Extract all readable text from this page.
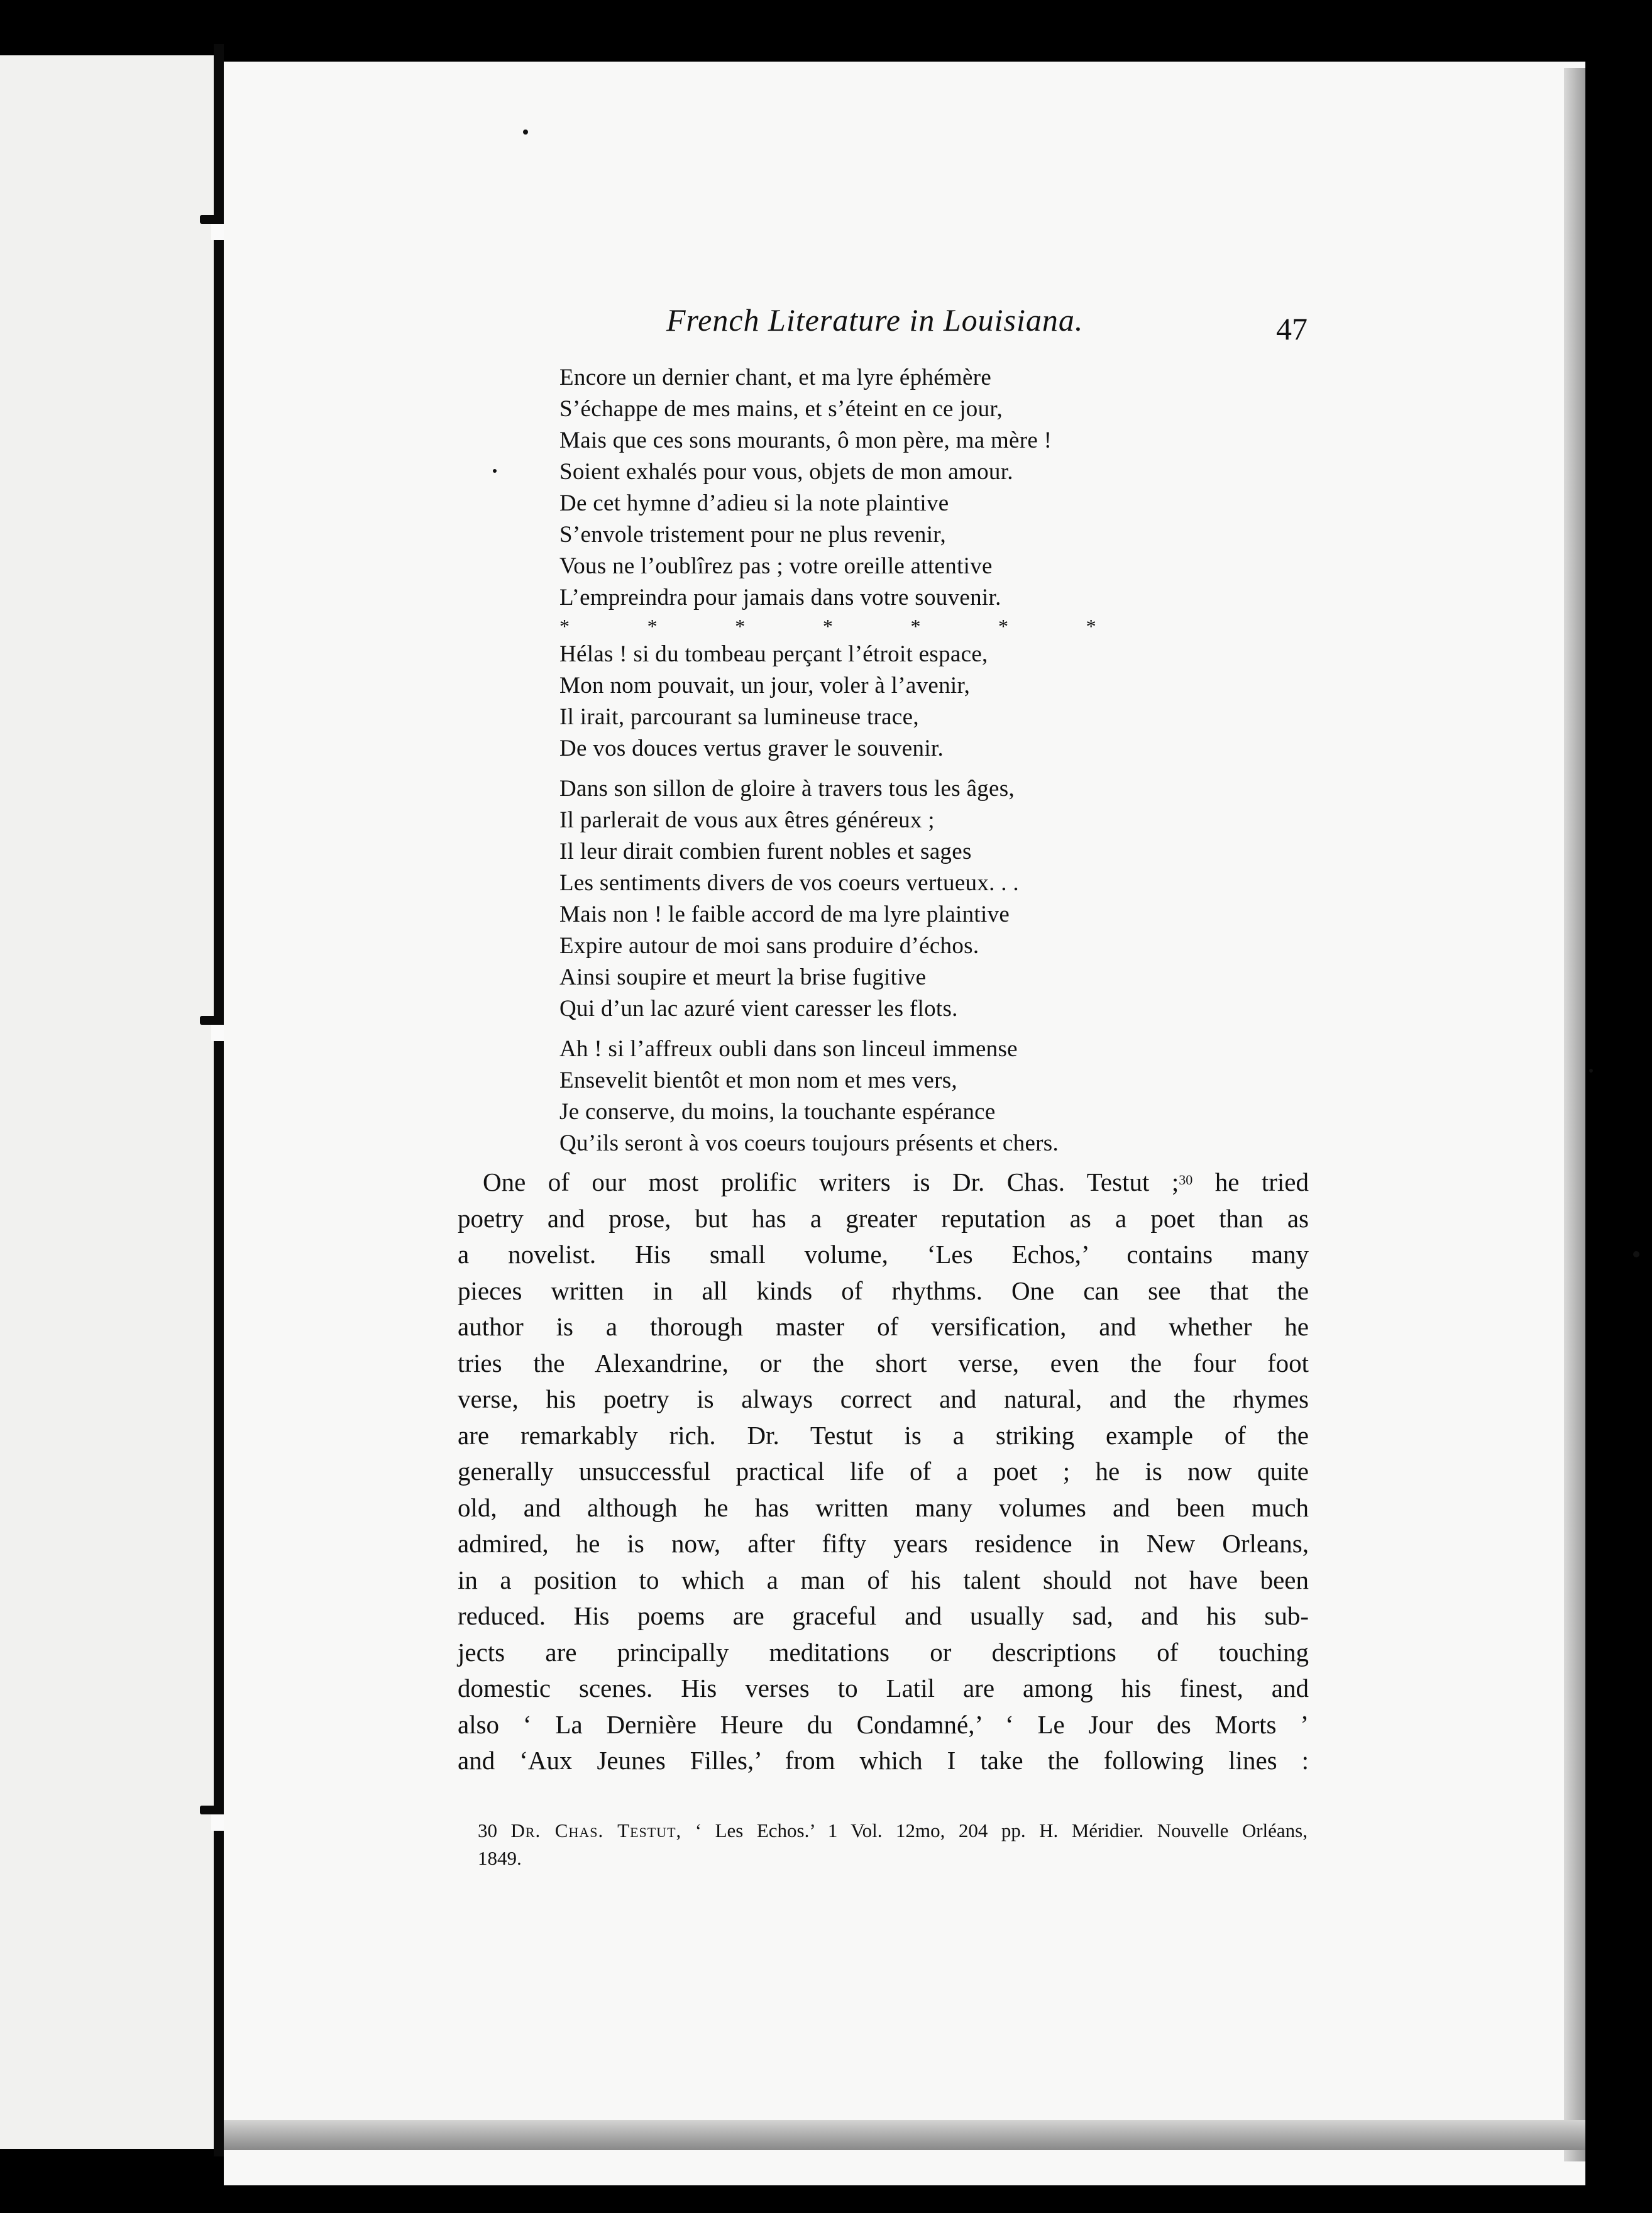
French Literature in Louisiana.	47
Encore un dernier chant, et ma lyre éphémère
S’échappe de mes mains, et s’éteint en ce jour,
Mais que ces sons mourants, ô mon père, ma mère !
Soient exhalés pour vous, objets de mon amour.
De cet hymne d’adieu si la note plaintive
S’envole tristement pour ne plus revenir,
Vous ne l’oublîrez pas ; votre oreille attentive
L’empreindra pour jamais dans votre souvenir.
*	*	*	*	*	*	*
Hélas ! si du tombeau perçant l’étroit espace,
Mon nom pouvait, un jour, voler à l’avenir,
Il irait, parcourant sa lumineuse trace,
De vos douces vertus graver le souvenir.
Dans son sillon de gloire à travers tous les âges,
Il parlerait de vous aux êtres généreux ;
Il leur dirait combien furent nobles et sages
Les sentiments divers de vos coeurs vertueux. . .
Mais non ! le faible accord de ma lyre plaintive
Expire autour de moi sans produire d’échos.
Ainsi soupire et meurt la brise fugitive
Qui d’un lac azuré vient caresser les flots.
Ah ! si l’affreux oubli dans son linceul immense
Ensevelit bientôt et mon nom et mes vers,
Je conserve, du moins, la touchante espérance
Qu’ils seront à vos coeurs toujours présents et chers.
One of our most prolific writers is Dr. Chas. Testut ;$^{30}$ he tried
poetry and prose, but has a greater reputation as a poet than as
a novelist. His small volume, ‘Les Echos,’ contains many
pieces written in all kinds of rhythms. One can see that the
author is a thorough master of versification, and whether he
tries the Alexandrine, or the short verse, even the four foot
verse, his poetry is always correct and natural, and the rhymes
are remarkably rich. Dr. Testut is a striking example of the
generally unsuccessful practical life of a poet ; he is now quite
old, and although he has written many volumes and been much
admired, he is now, after fifty years residence in New Orleans,
in a position to which a man of his talent should not have been
reduced. His poems are graceful and usually sad, and his sub-
jects are principally meditations or descriptions of touching
domestic scenes. His verses to Latil are among his finest, and
also ‘ La Dernière Heure du Condamné,’ ‘ Le Jour des Morts ’
and ‘Aux Jeunes Filles,’ from which I take the following lines :
30 Dr. Chas. Testut, ‘ Les Echos.’ 1 Vol. 12mo, 204 pp. H. Méridier. Nouvelle Orléans,
1849.
